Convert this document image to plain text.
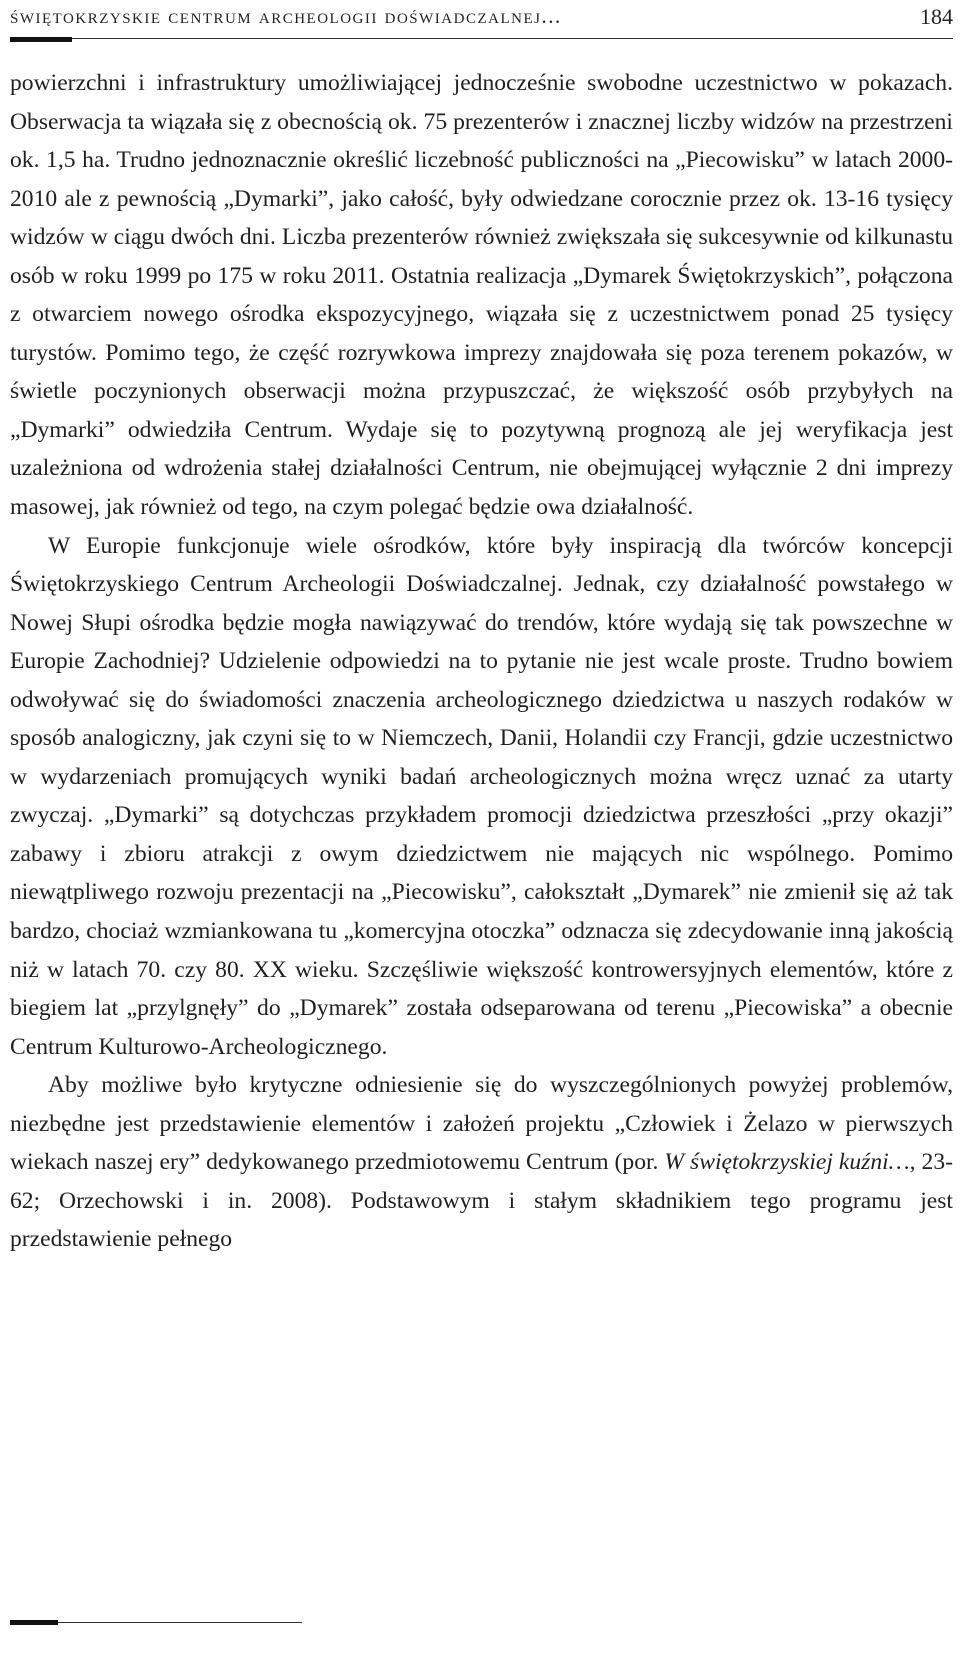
świętokrzyskie centrum archeologii doświadczalnej...	184

powierzchni i infrastruktury umożliwiającej jednocześnie swobodne uczestnictwo w pokazach. Obserwacja ta wiązała się z obecnością ok. 75 prezenterów i znacznej liczby widzów na przestrzeni ok. 1,5 ha. Trudno jednoznacznie określić liczebność publiczności na „Piecowisku” w latach 2000-2010 ale z pewnością „Dymarki”, jako całość, były odwiedzane corocznie przez ok. 13-16 tysięcy widzów w ciągu dwóch dni. Liczba prezenterów również zwiększała się sukcesywnie od kilkunastu osób w roku 1999 po 175 w roku 2011. Ostatnia realizacja „Dymarek Świętokrzyskich”, połączona z otwarciem nowego ośrodka ekspozycyjnego, wiązała się z uczestnictwem ponad 25 tysięcy turystów. Pomimo tego, że część rozrywkowa imprezy znajdowała się poza terenem pokazów, w świetle poczynionych obserwacji można przypuszczać, że większość osób przybyłych na „Dymarki” odwiedziła Centrum. Wydaje się to pozytywną prognozą ale jej weryfikacja jest uzależniona od wdrożenia stałej działalności Centrum, nie obejmującej wyłącznie 2 dni imprezy masowej, jak również od tego, na czym polegać będzie owa działalność.

W Europie funkcjonuje wiele ośrodków, które były inspiracją dla twórców koncepcji Świętokrzyskiego Centrum Archeologii Doświadczalnej. Jednak, czy działalność powstałego w Nowej Słupi ośrodka będzie mogła nawiązywać do trendów, które wydają się tak powszechne w Europie Zachodniej? Udzielenie odpowiedzi na to pytanie nie jest wcale proste. Trudno bowiem odwoływać się do świadomości znaczenia archeologicznego dziedzictwa u naszych rodaków w sposób analogiczny, jak czyni się to w Niemczech, Danii, Holandii czy Francji, gdzie uczestnictwo w wydarzeniach promujących wyniki badań archeologicznych można wręcz uznać za utarty zwyczaj. „Dymarki” są dotychczas przykładem promocji dziedzictwa przeszłości „przy okazji” zabawy i zbioru atrakcji z owym dziedzictwem nie mających nic wspólnego. Pomimo niewątpliwego rozwoju prezentacji na „Piecowisku”, całokształt „Dymarek” nie zmienił się aż tak bardzo, chociaż wzmiankowana tu „komercyjna otoczka” odznacza się zdecydowanie inną jakością niż w latach 70. czy 80. XX wieku. Szczęśliwie większość kontrowersyjnych elementów, które z biegiem lat „przylgnęły” do „Dymarek” została odseparowana od terenu „Piecowiska” a obecnie Centrum Kulturowo-Archeologicznego.

Aby możliwe było krytyczne odniesienie się do wyszczególnionych powyżej problemów, niezbędne jest przedstawienie elementów i założeń projektu „Człowiek i Żelazo w pierwszych wiekach naszej ery” dedykowanego przedmiotowemu Centrum (por. W świętokrzyskiej kuźni…, 23-62; Orzechowski i in. 2008). Podstawowym i stałym składnikiem tego programu jest przedstawienie pełnego
